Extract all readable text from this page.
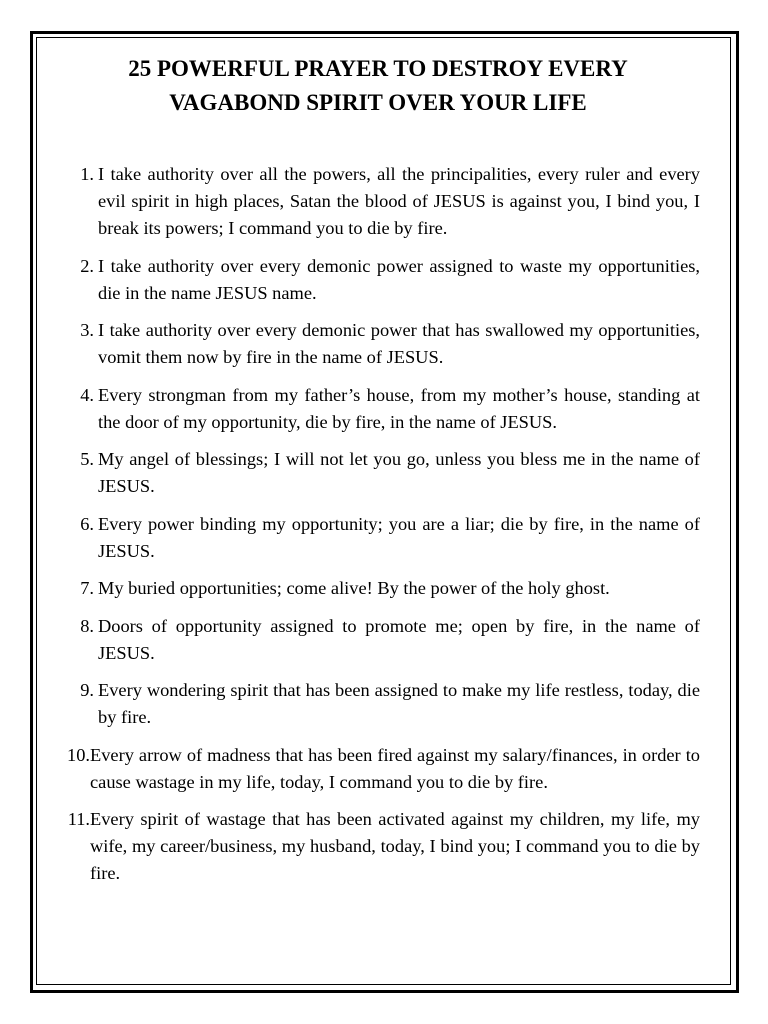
25 POWERFUL PRAYER TO DESTROY EVERY
VAGABOND SPIRIT OVER YOUR LIFE
1. I take authority over all the powers, all the principalities, every ruler and every evil spirit in high places, Satan the blood of JESUS is against you, I bind you, I break its powers; I command you to die by fire.
2. I take authority over every demonic power assigned to waste my opportunities, die in the name JESUS name.
3. I take authority over every demonic power that has swallowed my opportunities, vomit them now by fire in the name of JESUS.
4. Every strongman from my father’s house, from my mother’s house, standing at the door of my opportunity, die by fire, in the name of JESUS.
5. My angel of blessings; I will not let you go, unless you bless me in the name of JESUS.
6. Every power binding my opportunity; you are a liar; die by fire, in the name of JESUS.
7. My buried opportunities; come alive! By the power of the holy ghost.
8. Doors of opportunity assigned to promote me; open by fire, in the name of JESUS.
9. Every wondering spirit that has been assigned to make my life restless, today, die by fire.
10. Every arrow of madness that has been fired against my salary/finances, in order to cause wastage in my life, today, I command you to die by fire.
11. Every spirit of wastage that has been activated against my children, my life, my wife, my career/business, my husband, today, I bind you; I command you to die by fire.
